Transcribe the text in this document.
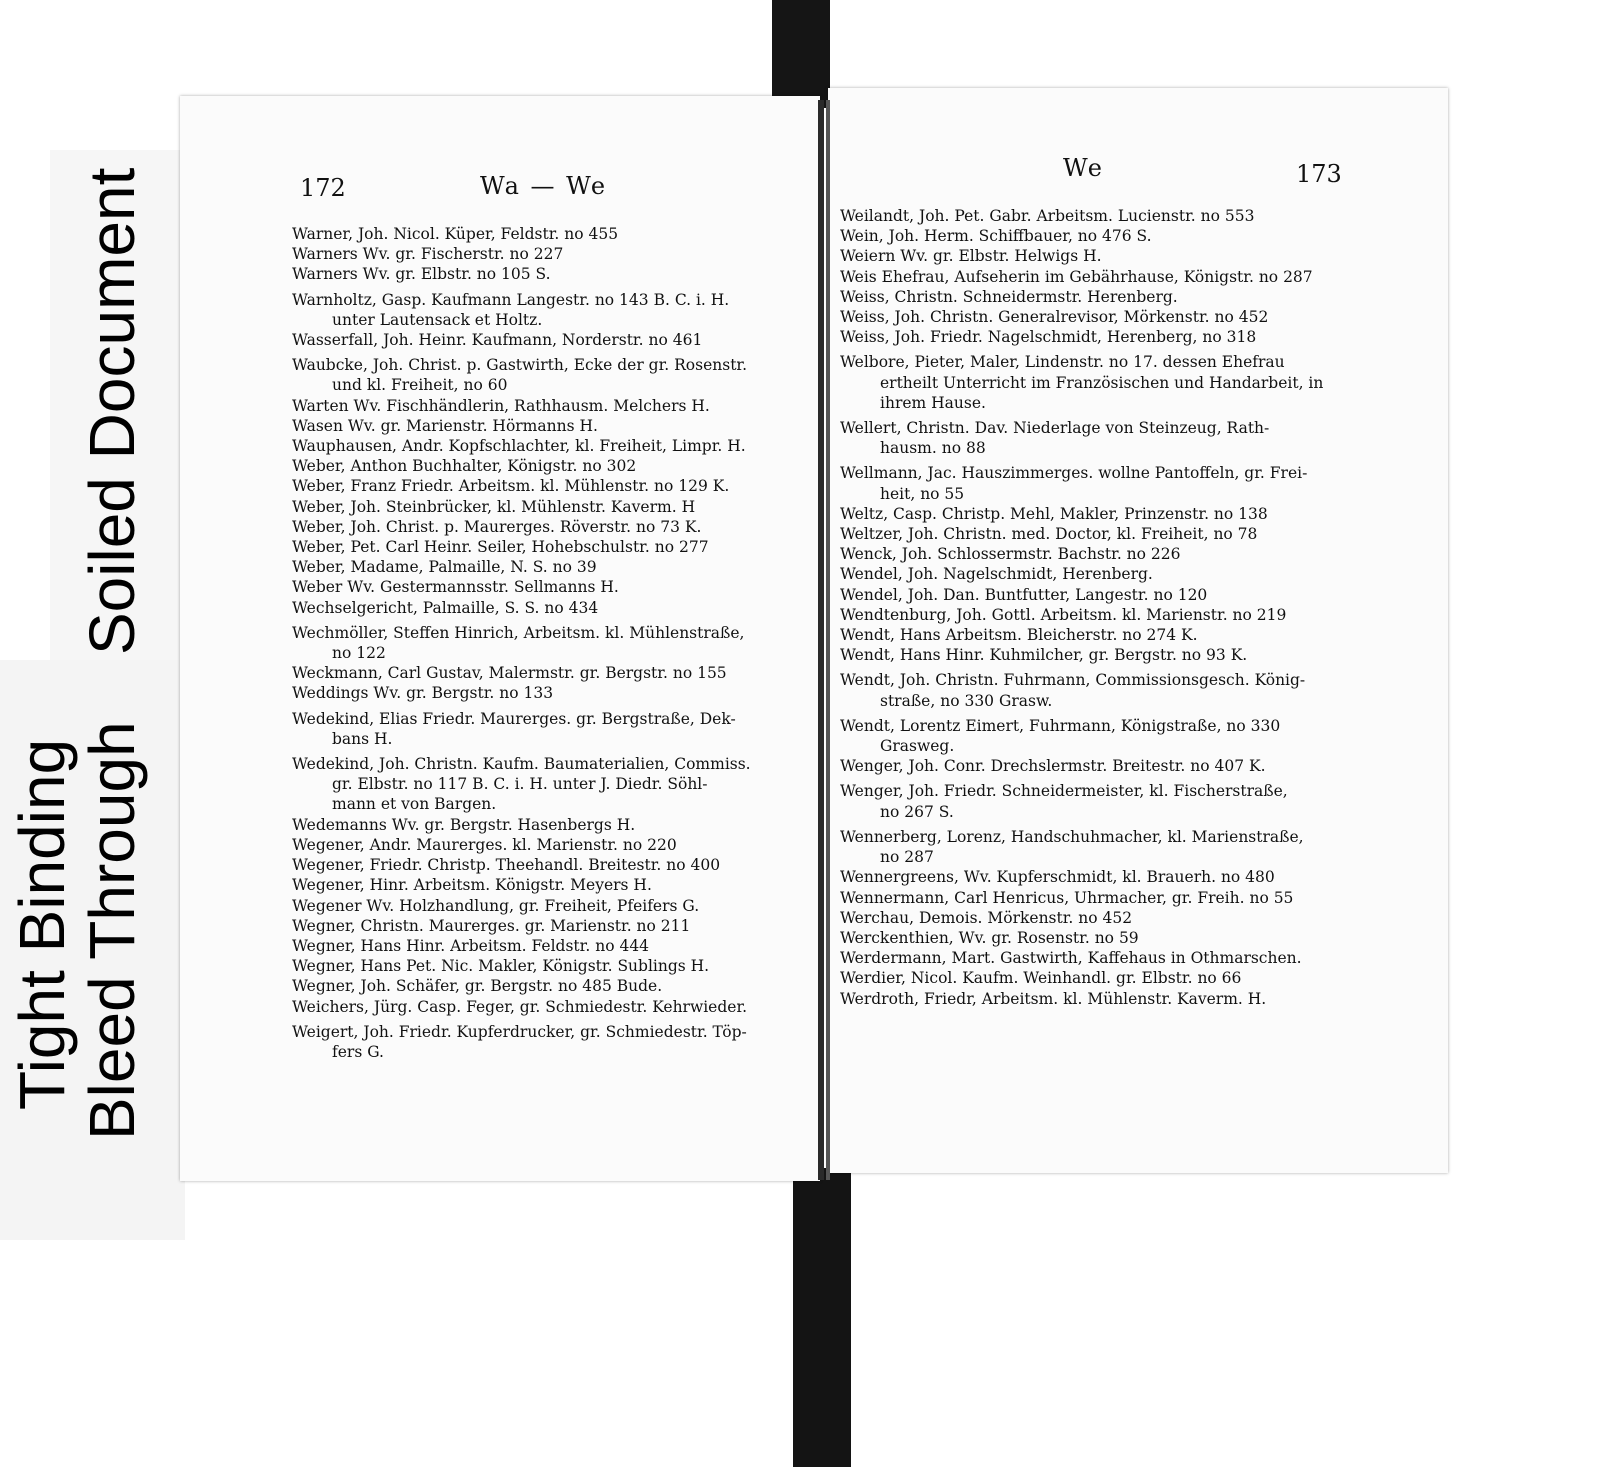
Tight Binding
Bleed Through
Soiled Document	172	Wa — We
Warner, Joh. Nicol. Küper, Feldstr. no 455
Warners Wv. gr. Fischerstr. no 227
Warners Wv. gr. Elbstr. no 105 S.
Warnholtz, Gasp. Kaufmann Langestr. no 143 B. C. i. H.
unter Lautensack et Holtz.
Wasserfall, Joh. Heinr. Kaufmann, Norderstr. no 461
Waubcke, Joh. Christ. p. Gastwirth, Ecke der gr. Rosenstr.
und kl. Freiheit, no 60
Warten Wv. Fischhändlerin, Rathhausm. Melchers H.
Wasen Wv. gr. Marienstr. Hörmanns H.
Wauphausen, Andr. Kopfschlachter, kl. Freiheit, Limpr. H.
Weber, Anthon Buchhalter, Königstr. no 302
Weber, Franz Friedr. Arbeitsm. kl. Mühlenstr. no 129 K.
Weber, Joh. Steinbrücker, kl. Mühlenstr. Kaverm. H
Weber, Joh. Christ. p. Maurerges. Röverstr. no 73 K.
Weber, Pet. Carl Heinr. Seiler, Hohebschulstr. no 277
Weber, Madame, Palmaille, N. S. no 39
Weber Wv. Gestermannsstr. Sellmanns H.
Wechselgericht, Palmaille, S. S. no 434
Wechmöller, Steffen Hinrich, Arbeitsm. kl. Mühlenstraße,
no 122
Weckmann, Carl Gustav, Malermstr. gr. Bergstr. no 155
Weddings Wv. gr. Bergstr. no 133
Wedekind, Elias Friedr. Maurerges. gr. Bergstraße, Dek-
bans H.
Wedekind, Joh. Christn. Kaufm. Baumaterialien, Commiss.
gr. Elbstr. no 117 B. C. i. H. unter J. Diedr. Söhl-
mann et von Bargen.
Wedemanns Wv. gr. Bergstr. Hasenbergs H.
Wegener, Andr. Maurerges. kl. Marienstr. no 220
Wegener, Friedr. Christp. Theehandl. Breitestr. no 400
Wegener, Hinr. Arbeitsm. Königstr. Meyers H.
Wegener Wv. Holzhandlung, gr. Freiheit, Pfeifers G.
Wegner, Christn. Maurerges. gr. Marienstr. no 211
Wegner, Hans Hinr. Arbeitsm. Feldstr. no 444
Wegner, Hans Pet. Nic. Makler, Königstr. Sublings H.
Wegner, Joh. Schäfer, gr. Bergstr. no 485 Bude.
Weichers, Jürg. Casp. Feger, gr. Schmiedestr. Kehrwieder.
Weigert, Joh. Friedr. Kupferdrucker, gr. Schmiedestr. Töp-
fers G.
We	173
Weilandt, Joh. Pet. Gabr. Arbeitsm. Lucienstr. no 553
Wein, Joh. Herm. Schiffbauer, no 476 S.
Weiern Wv. gr. Elbstr. Helwigs H.
Weis Ehefrau, Aufseherin im Gebährhause, Königstr. no 287
Weiss, Christn. Schneidermstr. Herenberg.
Weiss, Joh. Christn. Generalrevisor, Mörkenstr. no 452
Weiss, Joh. Friedr. Nagelschmidt, Herenberg, no 318
Welbore, Pieter, Maler, Lindenstr. no 17. dessen Ehefrau
ertheilt Unterricht im Französischen und Handarbeit, in
ihrem Hause.
Wellert, Christn. Dav. Niederlage von Steinzeug, Rath-
hausm. no 88
Wellmann, Jac. Hauszimmerges. wollne Pantoffeln, gr. Frei-
heit, no 55
Weltz, Casp. Christp. Mehl, Makler, Prinzenstr. no 138
Weltzer, Joh. Christn. med. Doctor, kl. Freiheit, no 78
Wenck, Joh. Schlossermstr. Bachstr. no 226
Wendel, Joh. Nagelschmidt, Herenberg.
Wendel, Joh. Dan. Buntfutter, Langestr. no 120
Wendtenburg, Joh. Gottl. Arbeitsm. kl. Marienstr. no 219
Wendt, Hans Arbeitsm. Bleicherstr. no 274 K.
Wendt, Hans Hinr. Kuhmilcher, gr. Bergstr. no 93 K.
Wendt, Joh. Christn. Fuhrmann, Commissionsgesch. König-
straße, no 330 Grasw.
Wendt, Lorentz Eimert, Fuhrmann, Königstraße, no 330
Grasweg.
Wenger, Joh. Conr. Drechslermstr. Breitestr. no 407 K.
Wenger, Joh. Friedr. Schneidermeister, kl. Fischerstraße,
no 267 S.
Wennerberg, Lorenz, Handschuhmacher, kl. Marienstraße,
no 287
Wennergreens, Wv. Kupferschmidt, kl. Brauerh. no 480
Wennermann, Carl Henricus, Uhrmacher, gr. Freih. no 55
Werchau, Demois. Mörkenstr. no 452
Werckenthien, Wv. gr. Rosenstr. no 59
Werdermann, Mart. Gastwirth, Kaffehaus in Othmarschen.
Werdier, Nicol. Kaufm. Weinhandl. gr. Elbstr. no 66
Werdroth, Friedr, Arbeitsm. kl. Mühlenstr. Kaverm. H.
